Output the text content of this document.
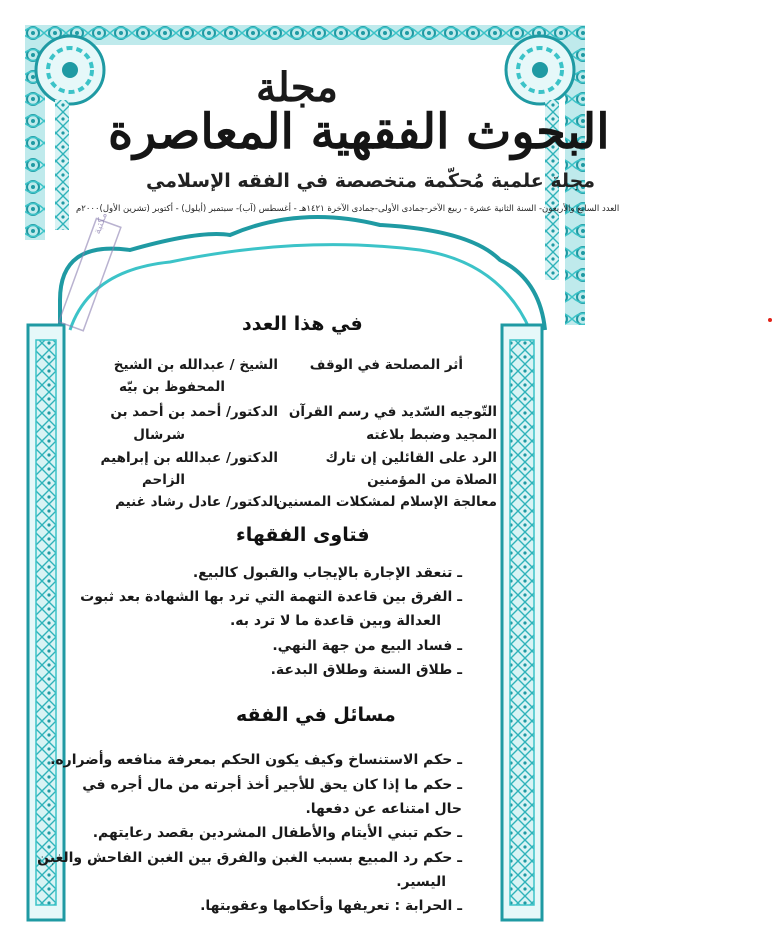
مكتبة
مجلة
البحوث الفقهية المعاصرة
مجلة علمية مُحكّمة متخصصة في الفقه الإسلامي
العدد السابع والأربعون- السنة الثانية عشرة - ربيع الآخر-جمادى الأولى-جمادى الآخرة ١٤٢١هـ - أغسطس (آب)- سبتمبر (أيلول) - أكتوبر (تشرين الأول)٢٠٠٠م
في هذا العدد
أثر المصلحة في الوقف
الشيخ / عبدالله بن الشيخ
المحفوظ بن بيّه
التّوجيه السّديد في رسم القرآن
الدكتور/ أحمد بن أحمد بن
المجيد وضبط بلاغته
شرشال
الرد على القائلين إن تارك
الدكتور/ عبدالله بن إبراهيم
الصلاة من المؤمنين
الزاحم
معالجة الإسلام لمشكلات المسنين
الدكتور/ عادل رشاد غنيم
فتاوى الفقهاء
ـ تنعقد الإجارة بالإيجاب والقبول كالبيع.
ـ الفرق بين قاعدة التهمة التي ترد بها الشهادة بعد ثبوت
العدالة وبين قاعدة ما لا ترد به.
ـ فساد البيع من جهة النهي.
ـ طلاق السنة وطلاق البدعة.
مسائل في الفقه
ـ حكم الاستنساخ وكيف يكون الحكم بمعرفة منافعه وأضراره.
ـ حكم ما إذا كان يحق للأجير أخذ أجرته من مال أجره في
حال امتناعه عن دفعها.
ـ حكم تبني الأيتام والأطفال المشردين بقصد رعايتهم.
ـ حكم رد المبيع بسبب الغبن والفرق بين الغبن الفاحش والغبن
اليسير.
ـ الحرابة : تعريفها وأحكامها وعقوبتها.
